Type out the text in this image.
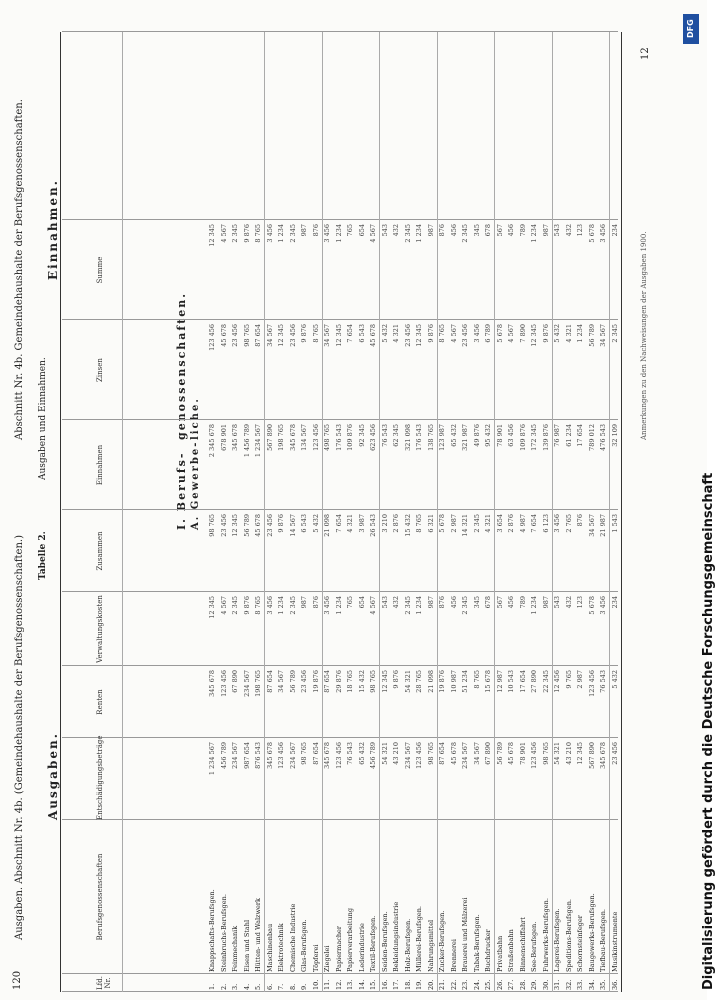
120
Ausgaben. Abschnitt Nr. 4b. (Gemeindehaushalte der Berufsgenossenschaften.)
Abschnitt Nr. 4b. Gemeindehaushalte der Berufsgenossenschaften.
Tabelle 2.
Ausgaben und Einnahmen.
Ausgaben.
Einnahmen.
I. Berufs-
genossenschaften.
A. Gewerbe-
liche.
Lfd. Nr.
Berufsgenossenschaften
Entschädigungsbeträge
Renten
Verwaltungskosten
Zusammen
Einnahmen
Zinsen
Summe
1.
Knappschafts-Berufsgen.
1 234 567
345 678
12 345
98 765
2 345 678
123 456
12 345
2.
Steinbruchs-Berufsgen.
456 789
123 456
4 567
23 456
678 901
45 678
4 567
3.
Feinmechanik
234 567
67 890
2 345
12 345
345 678
23 456
2 345
4.
Eisen und Stahl
987 654
234 567
9 876
56 789
1 456 789
98 765
9 876
5.
Hütten- und Walzwerk
876 543
198 765
8 765
45 678
1 234 567
87 654
8 765
6.
Maschinenbau
345 678
87 654
3 456
23 456
567 890
34 567
3 456
7.
Elektrotechnik
123 456
34 567
1 234
9 876
198 765
12 345
1 234
8.
Chemische Industrie
234 567
56 789
2 345
14 567
345 678
23 456
2 345
9.
Glas-Berufsgen.
98 765
23 456
987
6 543
134 567
9 876
987
10.
Töpferei
87 654
19 876
876
5 432
123 456
8 765
876
11.
Ziegelei
345 678
87 654
3 456
21 098
498 765
34 567
3 456
12.
Papiermacher
123 456
29 876
1 234
7 654
176 543
12 345
1 234
13.
Papierverarbeitung
76 543
18 765
765
4 321
109 876
7 654
765
14.
Lederindustrie
65 432
15 432
654
3 987
92 345
6 543
654
15.
Textil-Berufsgen.
456 789
98 765
4 567
26 543
623 456
45 678
4 567
16.
Seiden-Berufsgen.
54 321
12 345
543
3 210
76 543
5 432
543
17.
Bekleidungsindustrie
43 210
9 876
432
2 876
62 345
4 321
432
18.
Holz-Berufsgen.
234 567
54 321
2 345
15 432
321 098
23 456
2 345
19.
Müllerei-Berufsgen.
123 456
28 765
1 234
8 765
176 543
12 345
1 234
20.
Nahrungsmittel
98 765
21 098
987
6 321
138 765
9 876
987
21.
Zucker-Berufsgen.
87 654
19 876
876
5 678
123 987
8 765
876
22.
Brennerei
45 678
10 987
456
2 987
65 432
4 567
456
23.
Brauerei und Mälzerei
234 567
51 234
2 345
14 321
321 987
23 456
2 345
24.
Tabak-Berufsgen.
34 567
8 765
345
2 345
49 876
3 456
345
25.
Buchdrucker
67 890
15 678
678
4 321
95 432
6 789
678
26.
Privatbahn
56 789
12 987
567
3 654
78 901
5 678
567
27.
Straßenbahn
45 678
10 543
456
2 876
63 456
4 567
456
28.
Binnenschiffahrt
78 901
17 654
789
4 987
109 876
7 890
789
29.
See-Berufsgen.
123 456
27 890
1 234
7 654
172 345
12 345
1 234
30.
Fuhrwerks-Berufsgen.
98 765
22 345
987
6 123
139 876
9 876
987
31.
Lagerei-Berufsgen.
54 321
12 456
543
3 456
76 987
5 432
543
32.
Speditions-Berufsgen.
43 210
9 765
432
2 765
61 234
4 321
432
33.
Schornsteinfeger
12 345
2 987
123
876
17 654
1 234
123
34.
Baugewerks-Berufsgen.
567 890
123 456
5 678
34 567
789 012
56 789
5 678
35.
Tiefbau-Berufsgen.
345 678
76 543
3 456
21 987
476 543
34 567
3 456
36.
Musikinstrumente
23 456
5 432
234
1 543
32 109
2 345
234
Anmerkungen zu den Nachweisungen der Ausgaben 1900.
12
DFG
Digitalisierung gefördert durch die Deutsche Forschungsgemeinschaft
